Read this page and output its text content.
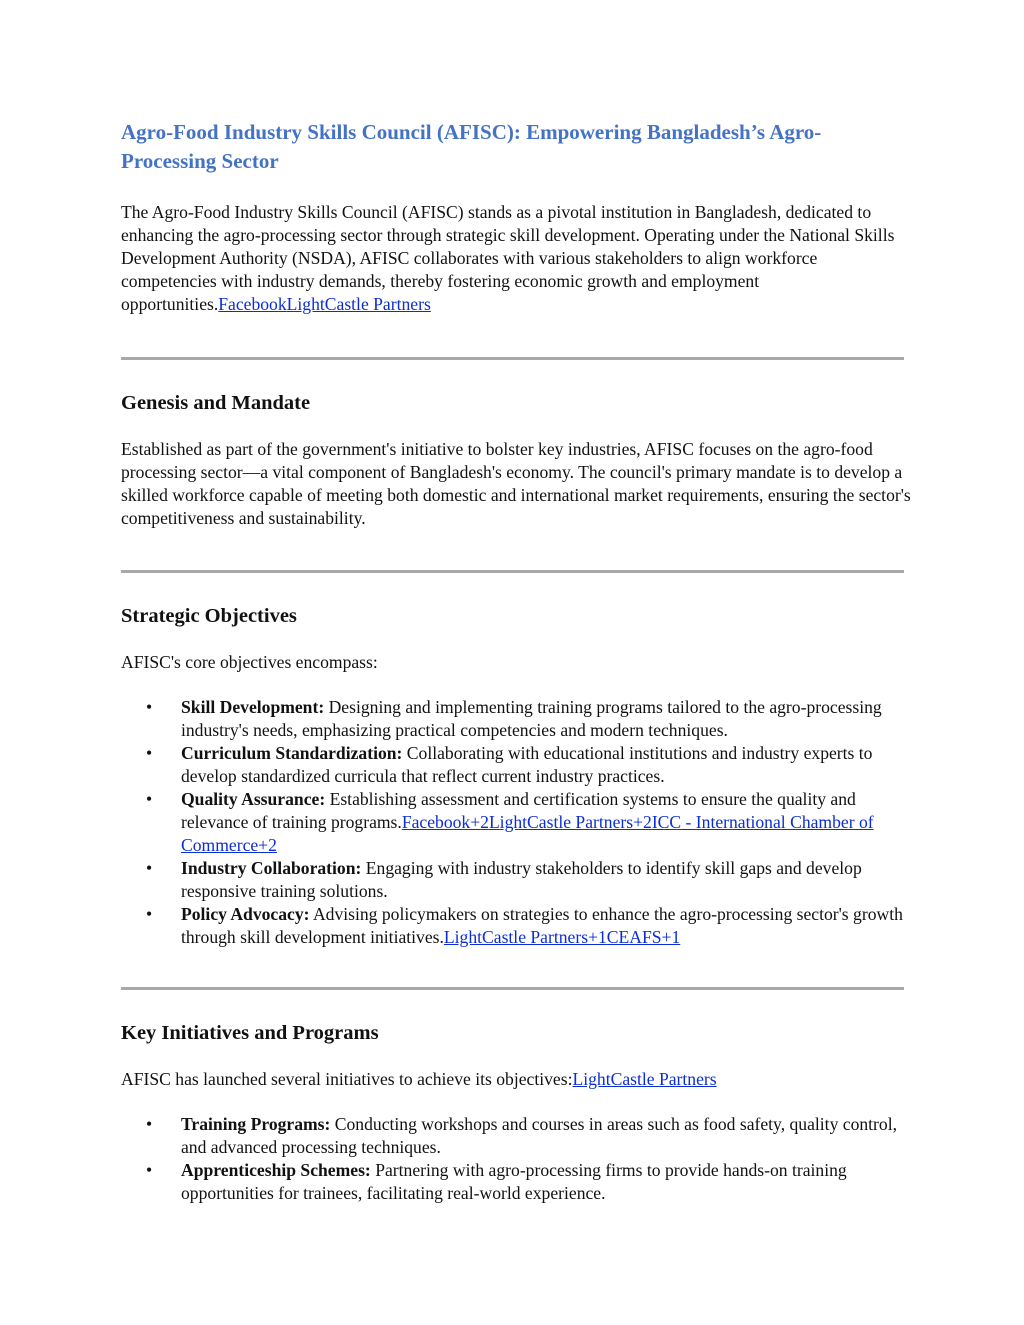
Agro-Food Industry Skills Council (AFISC): Empowering Bangladesh’s Agro-Processing Sector

The Agro-Food Industry Skills Council (AFISC) stands as a pivotal institution in Bangladesh, dedicated to enhancing the agro-processing sector through strategic skill development. Operating under the National Skills Development Authority (NSDA), AFISC collaborates with various stakeholders to align workforce competencies with industry demands, thereby fostering economic growth and employment opportunities.FacebookLightCastle Partners

Genesis and Mandate

Established as part of the government's initiative to bolster key industries, AFISC focuses on the agro-food processing sector—a vital component of Bangladesh's economy. The council's primary mandate is to develop a skilled workforce capable of meeting both domestic and international market requirements, ensuring the sector's competitiveness and sustainability.

Strategic Objectives

AFISC's core objectives encompass:

• Skill Development: Designing and implementing training programs tailored to the agro-processing industry's needs, emphasizing practical competencies and modern techniques.
• Curriculum Standardization: Collaborating with educational institutions and industry experts to develop standardized curricula that reflect current industry practices.
• Quality Assurance: Establishing assessment and certification systems to ensure the quality and relevance of training programs.Facebook+2LightCastle Partners+2ICC - International Chamber of Commerce+2
• Industry Collaboration: Engaging with industry stakeholders to identify skill gaps and develop responsive training solutions.
• Policy Advocacy: Advising policymakers on strategies to enhance the agro-processing sector's growth through skill development initiatives.LightCastle Partners+1CEAFS+1
Key Initiatives and Programs

AFISC has launched several initiatives to achieve its objectives:LightCastle Partners

• Training Programs: Conducting workshops and courses in areas such as food safety, quality control, and advanced processing techniques.
• Apprenticeship Schemes: Partnering with agro-processing firms to provide hands-on training opportunities for trainees, facilitating real-world experience.
